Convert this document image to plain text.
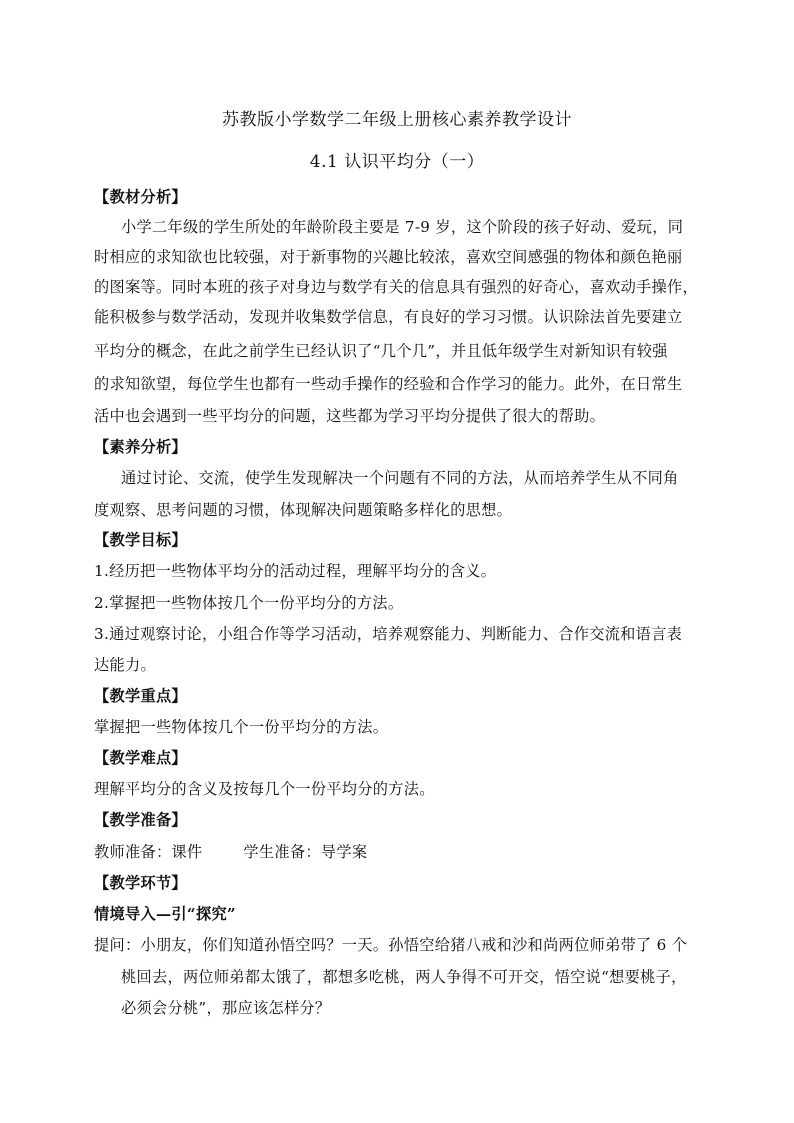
苏教版小学数学二年级上册核心素养教学设计
4.1 认识平均分（一）
【教材分析】
小学二年级的学生所处的年龄阶段主要是 7-9 岁，这个阶段的孩子好动、爱玩，同
时相应的求知欲也比较强，对于新事物的兴趣比较浓，喜欢空间感强的物体和颜色艳丽
的图案等。同时本班的孩子对身边与数学有关的信息具有强烈的好奇心，喜欢动手操作，
能积极参与数学活动，发现并收集数学信息，有良好的学习习惯。认识除法首先要建立
平均分的概念，在此之前学生已经认识了“几个几”，并且低年级学生对新知识有较强
的求知欲望，每位学生也都有一些动手操作的经验和合作学习的能力。此外，在日常生
活中也会遇到一些平均分的问题，这些都为学习平均分提供了很大的帮助。
【素养分析】
通过讨论、交流，使学生发现解决一个问题有不同的方法，从而培养学生从不同角
度观察、思考问题的习惯，体现解决问题策略多样化的思想。
【教学目标】
1.经历把一些物体平均分的活动过程，理解平均分的含义。
2.掌握把一些物体按几个一份平均分的方法。
3.通过观察讨论，小组合作等学习活动，培养观察能力、判断能力、合作交流和语言表
达能力。
【教学重点】
掌握把一些物体按几个一份平均分的方法。
【教学难点】
理解平均分的含义及按每几个一份平均分的方法。
【教学准备】
教师准备：课件        学生准备：导学案
【教学环节】
情境导入—引“探究”
提问：小朋友，你们知道孙悟空吗？一天。孙悟空给猪八戒和沙和尚两位师弟带了 6 个
桃回去，两位师弟都太饿了，都想多吃桃，两人争得不可开交，悟空说“想要桃子，
必须会分桃”，那应该怎样分？
